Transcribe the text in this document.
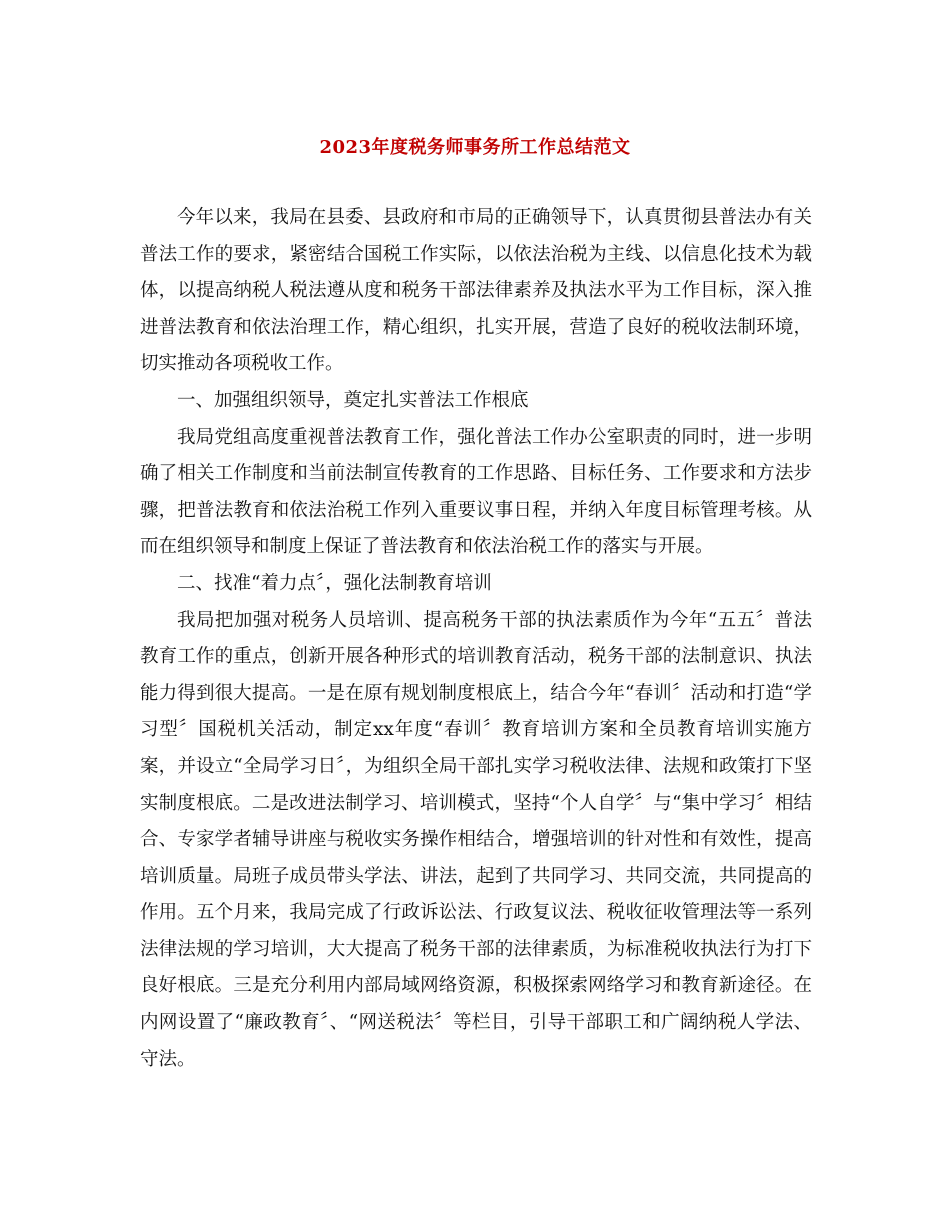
2023年度税务师事务所工作总结范文

今年以来，我局在县委、县政府和市局的正确领导下，认真贯彻县普法办有关普法工作的要求，紧密结合国税工作实际，以依法治税为主线、以信息化技术为载体，以提高纳税人税法遵从度和税务干部法律素养及执法水平为工作目标，深入推进普法教育和依法治理工作，精心组织，扎实开展，营造了良好的税收法制环境，切实推动各项税收工作。

一、加强组织领导，奠定扎实普法工作根底

我局党组高度重视普法教育工作，强化普法工作办公室职责的同时，进一步明确了相关工作制度和当前法制宣传教育的工作思路、目标任务、工作要求和方法步骤，把普法教育和依法治税工作列入重要议事日程，并纳入年度目标管理考核。从而在组织领导和制度上保证了普法教育和依法治税工作的落实与开展。

二、找准“着力点〞，强化法制教育培训

我局把加强对税务人员培训、提高税务干部的执法素质作为今年“五五〞普法教育工作的重点，创新开展各种形式的培训教育活动，税务干部的法制意识、执法能力得到很大提高。一是在原有规划制度根底上，结合今年“春训〞活动和打造“学习型〞国税机关活动，制定xx年度“春训〞教育培训方案和全员教育培训实施方案，并设立“全局学习日〞，为组织全局干部扎实学习税收法律、法规和政策打下坚实制度根底。二是改进法制学习、培训模式，坚持“个人自学〞与“集中学习〞相结合、专家学者辅导讲座与税收实务操作相结合，增强培训的针对性和有效性，提高培训质量。局班子成员带头学法、讲法，起到了共同学习、共同交流，共同提高的作用。五个月来，我局完成了行政诉讼法、行政复议法、税收征收管理法等一系列法律法规的学习培训，大大提高了税务干部的法律素质，为标准税收执法行为打下良好根底。三是充分利用内部局域网络资源，积极探索网络学习和教育新途径。在内网设置了“廉政教育〞、“网送税法〞等栏目，引导干部职工和广阔纳税人学法、守法。
